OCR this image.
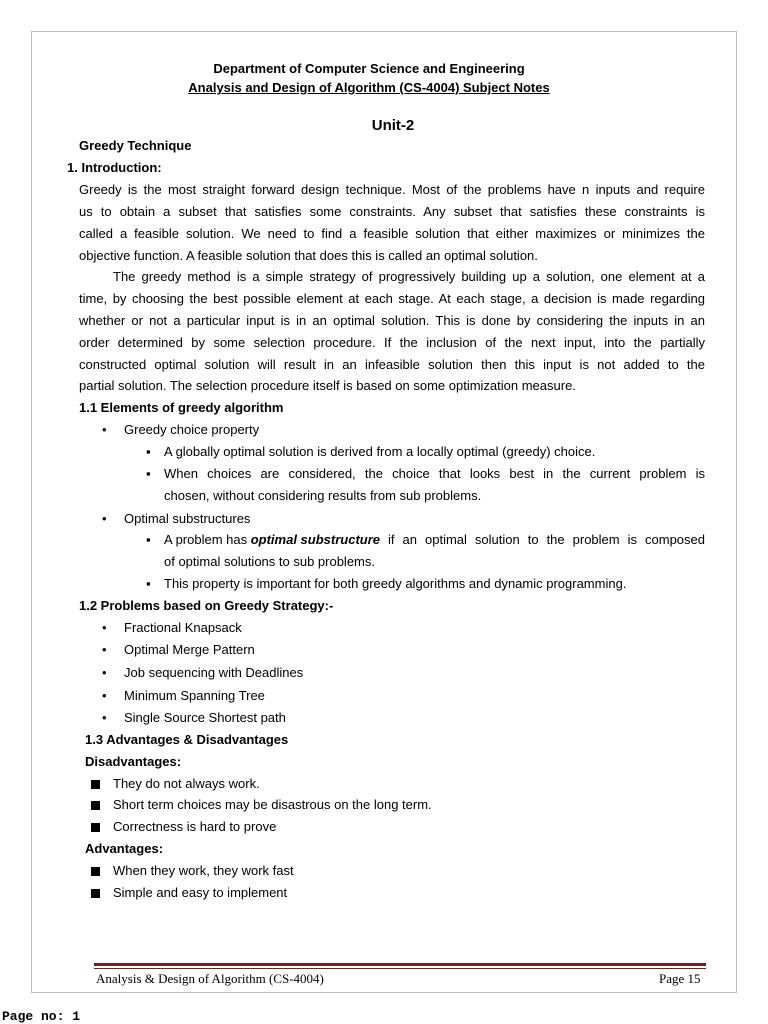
Department of Computer Science and Engineering
Analysis and Design of Algorithm (CS-4004) Subject Notes
Unit-2
Greedy Technique
1. Introduction:
Greedy is the most straight forward design technique. Most of the problems have n inputs and require
us to obtain a subset that satisfies some constraints. Any subset that satisfies these constraints is
called a feasible solution. We need to find a feasible solution that either maximizes or minimizes the
objective function. A feasible solution that does this is called an optimal solution.
The greedy method is a simple strategy of progressively building up a solution, one element at a
time, by choosing the best possible element at each stage. At each stage, a decision is made regarding
whether or not a particular input is in an optimal solution. This is done by considering the inputs in an
order determined by some selection procedure. If the inclusion of the next input, into the partially
constructed optimal solution will result in an infeasible solution then this input is not added to the
partial solution. The selection procedure itself is based on some optimization measure.
1.1 Elements of greedy algorithm
• Greedy choice property
▪ A globally optimal solution is derived from a locally optimal (greedy) choice.
▪ When choices are considered, the choice that looks best in the current problem is
chosen, without considering results from sub problems.
• Optimal substructures
▪ A problem has optimal substructure if an optimal solution to the problem is composed
of optimal solutions to sub problems.
▪ This property is important for both greedy algorithms and dynamic programming.
1.2 Problems based on Greedy Strategy:-
• Fractional Knapsack
• Optimal Merge Pattern
• Job sequencing with Deadlines
• Minimum Spanning Tree
• Single Source Shortest path
1.3 Advantages & Disadvantages
Disadvantages:
They do not always work.
Short term choices may be disastrous on the long term.
Correctness is hard to prove
Advantages:
When they work, they work fast
Simple and easy to implement
Analysis & Design of Algorithm (CS-4004)	Page 15
Page no: 1
